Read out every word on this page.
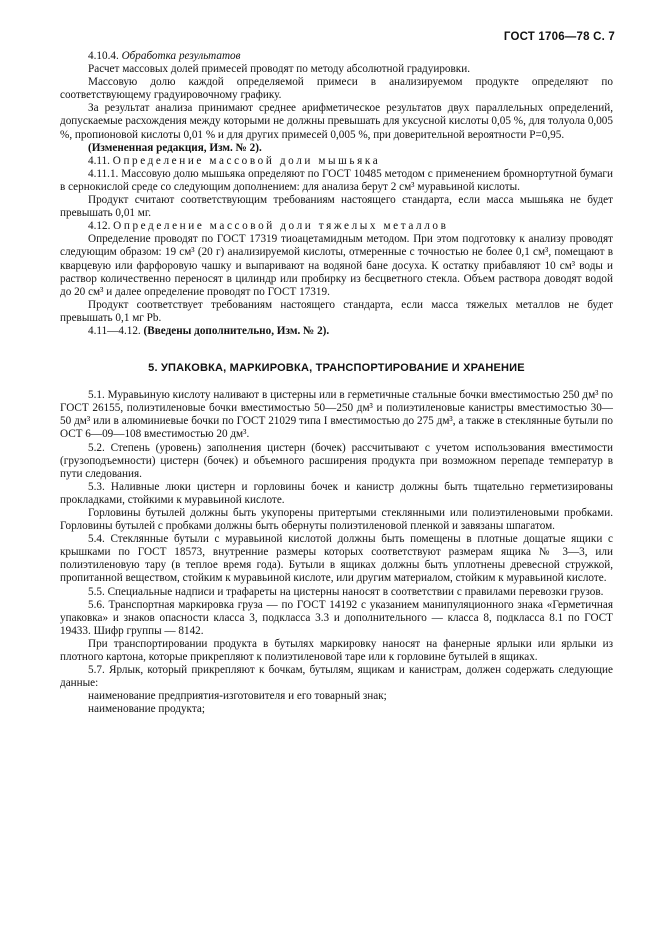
ГОСТ 1706—78 С. 7

4.10.4. Обработка результатов

Расчет массовых долей примесей проводят по методу абсолютной градуировки.

Массовую долю каждой определяемой примеси в анализируемом продукте определяют по соответствующему градуировочному графику.

За результат анализа принимают среднее арифметическое результатов двух параллельных определений, допускаемые расхождения между которыми не должны превышать для уксусной кислоты 0,05 %, для толуола 0,005 %, пропионовой кислоты 0,01 % и для других примесей 0,005 %, при доверительной вероятности P=0,95.

(Измененная редакция, Изм. № 2).

4.11. Определение массовой доли мышьяка

4.11.1. Массовую долю мышьяка определяют по ГОСТ 10485 методом с применением бромнортутной бумаги в сернокислой среде со следующим дополнением: для анализа берут 2 см³ муравьиной кислоты.

Продукт считают соответствующим требованиям настоящего стандарта, если масса мышьяка не будет превышать 0,01 мг.

4.12. Определение массовой доли тяжелых металлов

Определение проводят по ГОСТ 17319 тиоацетамидным методом. При этом подготовку к анализу проводят следующим образом: 19 см³ (20 г) анализируемой кислоты, отмеренные с точностью не более 0,1 см³, помещают в кварцевую или фарфоровую чашку и выпаривают на водяной бане досуха. К остатку прибавляют 10 см³ воды и раствор количественно переносят в цилиндр или пробирку из бесцветного стекла. Объем раствора доводят водой до 20 см³ и далее определение проводят по ГОСТ 17319.

Продукт соответствует требованиям настоящего стандарта, если масса тяжелых металлов не будет превышать 0,1 мг Pb.

4.11—4.12. (Введены дополнительно, Изм. № 2).

5. УПАКОВКА, МАРКИРОВКА, ТРАНСПОРТИРОВАНИЕ И ХРАНЕНИЕ

5.1. Муравьиную кислоту наливают в цистерны или в герметичные стальные бочки вместимостью 250 дм³ по ГОСТ 26155, полиэтиленовые бочки вместимостью 50—250 дм³ и полиэтиленовые канистры вместимостью 30—50 дм³ или в алюминиевые бочки по ГОСТ 21029 типа I вместимостью до 275 дм³, а также в стеклянные бутыли по ОСТ 6—09—108 вместимостью 20 дм³.

5.2. Степень (уровень) заполнения цистерн (бочек) рассчитывают с учетом использования вместимости (грузоподъемности) цистерн (бочек) и объемного расширения продукта при возможном перепаде температур в пути следования.

5.3. Наливные люки цистерн и горловины бочек и канистр должны быть тщательно герметизированы прокладками, стойкими к муравьиной кислоте.

Горловины бутылей должны быть укупорены притертыми стеклянными или полиэтиленовыми пробками. Горловины бутылей с пробками должны быть обернуты полиэтиленовой пленкой и завязаны шпагатом.

5.4. Стеклянные бутыли с муравьиной кислотой должны быть помещены в плотные дощатые ящики с крышками по ГОСТ 18573, внутренние размеры которых соответствуют размерам ящика № 3—3, или полиэтиленовую тару (в теплое время года). Бутыли в ящиках должны быть уплотнены древесной стружкой, пропитанной веществом, стойким к муравьиной кислоте, или другим материалом, стойким к муравьиной кислоте.

5.5. Специальные надписи и трафареты на цистерны наносят в соответствии с правилами перевозки грузов.

5.6. Транспортная маркировка груза — по ГОСТ 14192 с указанием манипуляционного знака «Герметичная упаковка» и знаков опасности класса 3, подкласса 3.3 и дополнительного — класса 8, подкласса 8.1 по ГОСТ 19433. Шифр группы — 8142.

При транспортировании продукта в бутылях маркировку наносят на фанерные ярлыки или ярлыки из плотного картона, которые прикрепляют к полиэтиленовой таре или к горловине бутылей в ящиках.

5.7. Ярлык, который прикрепляют к бочкам, бутылям, ящикам и канистрам, должен содержать следующие данные:

наименование предприятия-изготовителя и его товарный знак;

наименование продукта;
